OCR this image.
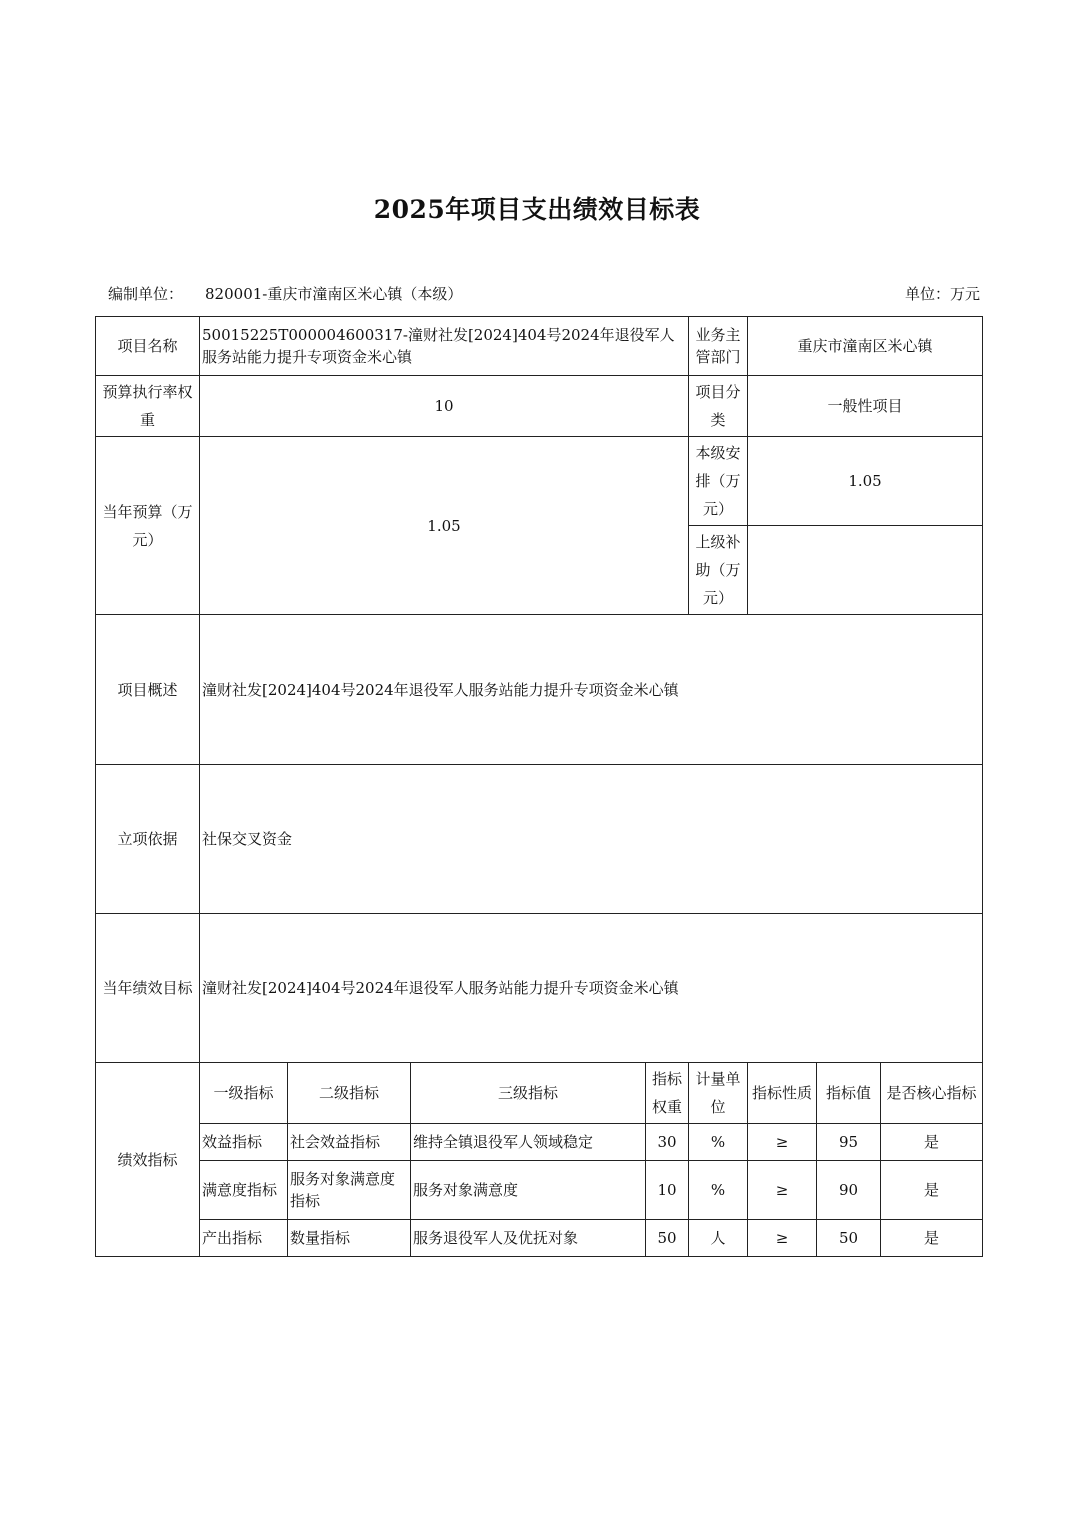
2025年项目支出绩效目标表
编制单位： 820001-重庆市潼南区米心镇（本级）	单位：万元
项目名称	50015225T000004600317-潼财社发[2024]404号2024年退役军人服务站能力提升专项资金米心镇				业务主管部门	重庆市潼南区米心镇		
预算执行率权重	10				项目分类	一般性项目		
当年预算（万元）	1.05				本级安排（万元）	1.05		
					上级补助（万元）			
项目概述	潼财社发[2024]404号2024年退役军人服务站能力提升专项资金米心镇							
立项依据	社保交叉资金							
当年绩效目标	潼财社发[2024]404号2024年退役军人服务站能力提升专项资金米心镇							
绩效指标	一级指标	二级指标	三级指标	指标权重	计量单位	指标性质	指标值	是否核心指标
	效益指标	社会效益指标	维持全镇退役军人领域稳定	30	%	≥	95	是
	满意度指标	服务对象满意度指标	服务对象满意度	10	%	≥	90	是
	产出指标	数量指标	服务退役军人及优抚对象	50	人	≥	50	是
